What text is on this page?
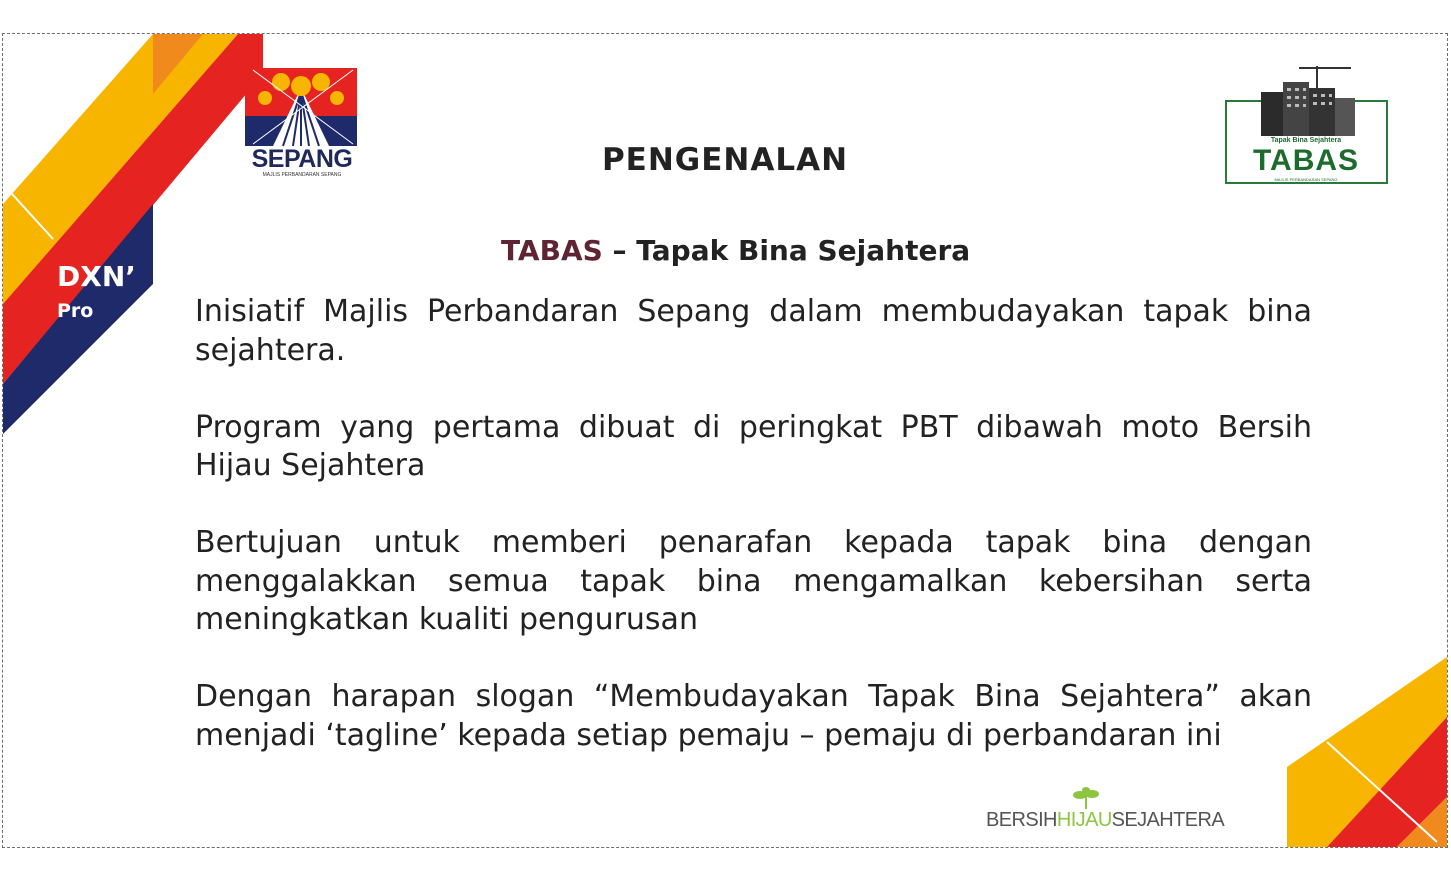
DXN’
Pro
SEPANG
MAJLIS PERBANDARAN SEPANG
Tapak Bina Sejahtera
TABAS
MAJLIS PERBANDARAN SEPANG
PENGENALAN
TABAS – Tapak Bina Sejahtera

Inisiatif Majlis Perbandaran Sepang dalam membudayakan tapak bina sejahtera.

Program yang pertama dibuat di peringkat PBT dibawah moto Bersih Hijau Sejahtera

Bertujuan untuk memberi penarafan kepada tapak bina dengan menggalakkan semua tapak bina mengamalkan kebersihan serta meningkatkan kualiti pengurusan

Dengan harapan slogan “Membudayakan Tapak Bina Sejahtera” akan menjadi ‘tagline’ kepada setiap pemaju – pemaju di perbandaran ini

BERSIHHIJAUSEJAHTERA
